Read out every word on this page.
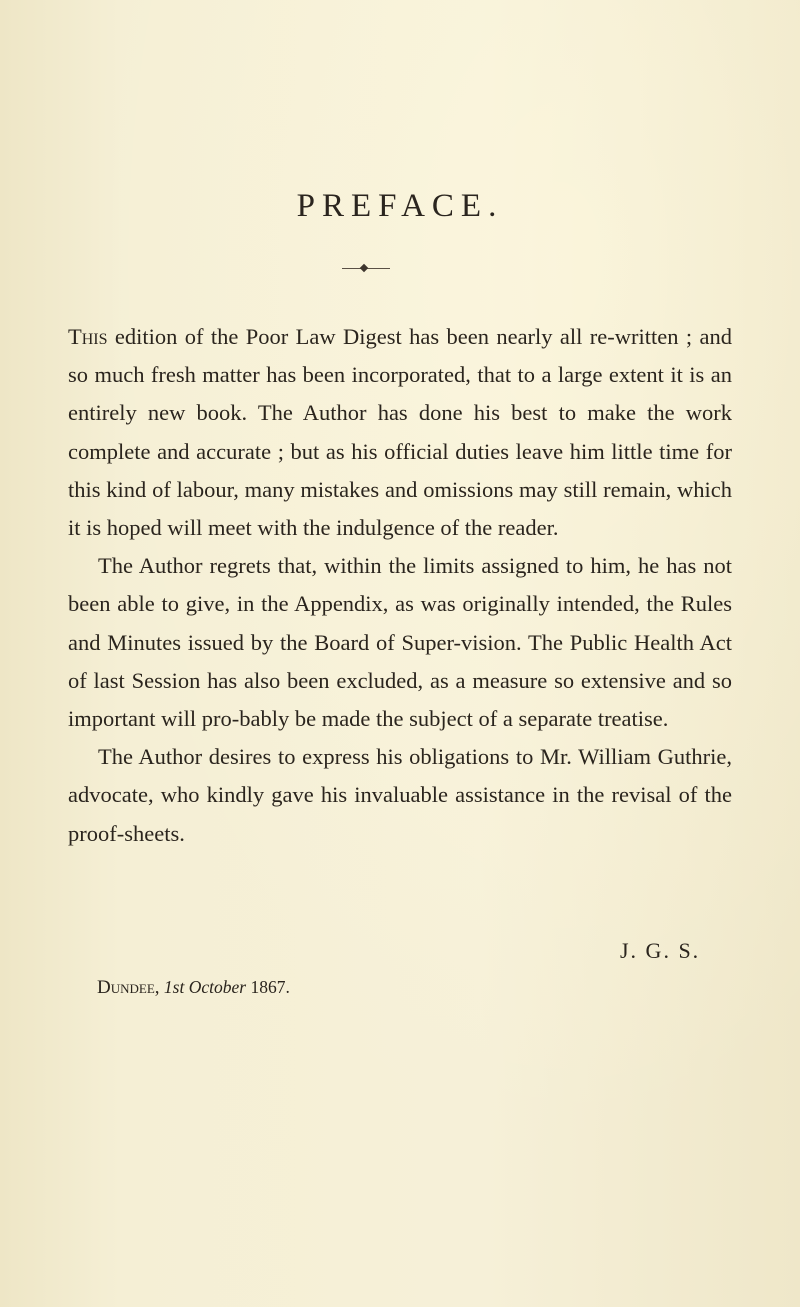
PREFACE.

This edition of the Poor Law Digest has been nearly all re-written ; and so much fresh matter has been incorporated, that to a large extent it is an entirely new book. The Author has done his best to make the work complete and accurate ; but as his official duties leave him little time for this kind of labour, many mistakes and omissions may still remain, which it is hoped will meet with the indulgence of the reader.

The Author regrets that, within the limits assigned to him, he has not been able to give, in the Appendix, as was originally intended, the Rules and Minutes issued by the Board of Super-vision. The Public Health Act of last Session has also been excluded, as a measure so extensive and so important will pro-bably be made the subject of a separate treatise.

The Author desires to express his obligations to Mr. William Guthrie, advocate, who kindly gave his invaluable assistance in the revisal of the proof-sheets.

J. G. S.
Dundee, 1st October 1867.
